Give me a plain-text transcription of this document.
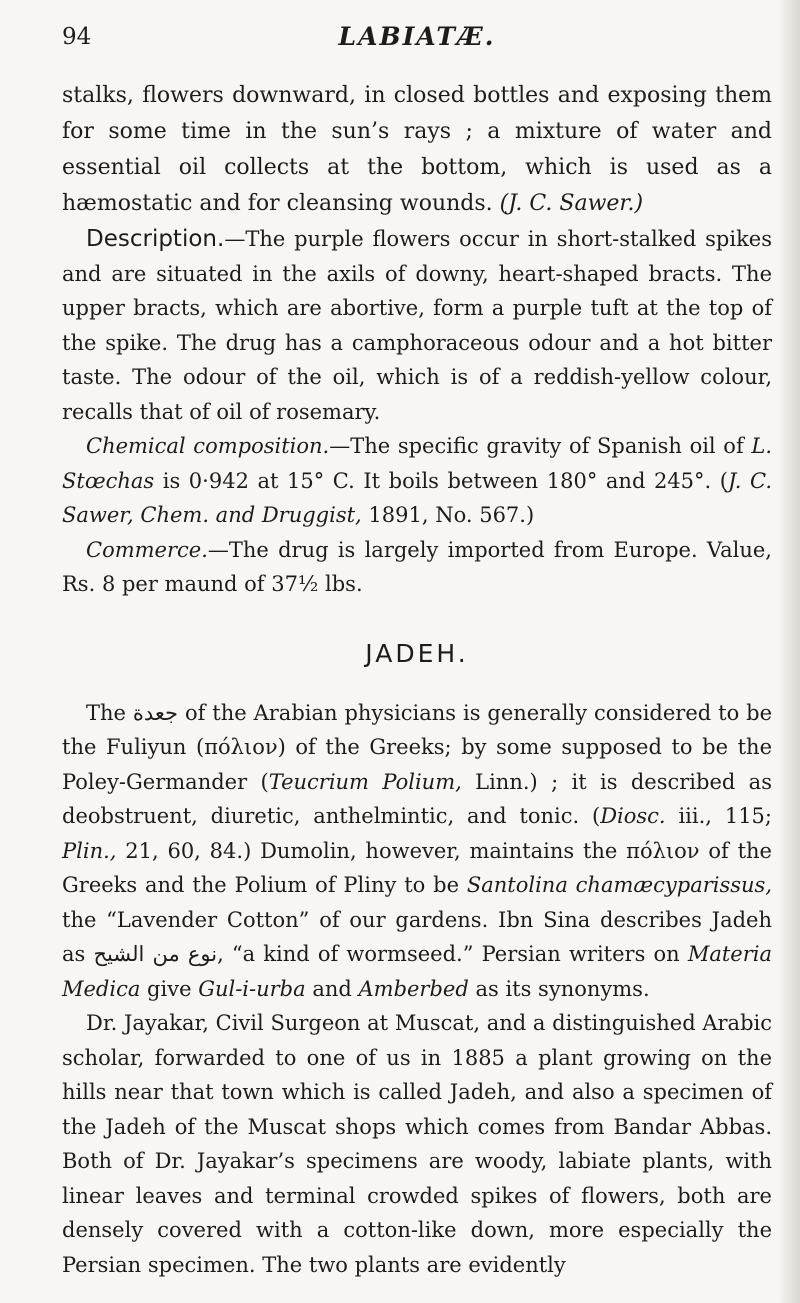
94	LABIATÆ.

stalks, flowers downward, in closed bottles and exposing them for some time in the sun’s rays ; a mixture of water and essential oil collects at the bottom, which is used as a hæmostatic and for cleansing wounds. (J. C. Sawer.)

Description.—The purple flowers occur in short-stalked spikes and are situated in the axils of downy, heart-shaped bracts. The upper bracts, which are abortive, form a purple tuft at the top of the spike. The drug has a camphoraceous odour and a hot bitter taste. The odour of the oil, which is of a reddish-yellow colour, recalls that of oil of rosemary.

Chemical composition.—The specific gravity of Spanish oil of L. Stœchas is 0·942 at 15° C. It boils between 180° and 245°. (J. C. Sawer, Chem. and Druggist, 1891, No. 567.)

Commerce.—The drug is largely imported from Europe. Value, Rs. 8 per maund of 37½ lbs.

JADEH.

The جعدة of the Arabian physicians is generally considered to be the Fuliyun (πόλιον) of the Greeks; by some supposed to be the Poley-Germander (Teucrium Polium, Linn.) ; it is described as deobstruent, diuretic, anthelmintic, and tonic. (Diosc. iii., 115; Plin., 21, 60, 84.) Dumolin, however, maintains the πόλιον of the Greeks and the Polium of Pliny to be Santolina chamæcyparissus, the “Lavender Cotton” of our gardens. Ibn Sina describes Jadeh as نوع من الشيح, “a kind of wormseed.” Persian writers on Materia Medica give Gul-i-urba and Amberbed as its synonyms.

Dr. Jayakar, Civil Surgeon at Muscat, and a distinguished Arabic scholar, forwarded to one of us in 1885 a plant growing on the hills near that town which is called Jadeh, and also a specimen of the Jadeh of the Muscat shops which comes from Bandar Abbas. Both of Dr. Jayakar’s specimens are woody, labiate plants, with linear leaves and terminal crowded spikes of flowers, both are densely covered with a cotton-like down, more especially the Persian specimen. The two plants are evidently
